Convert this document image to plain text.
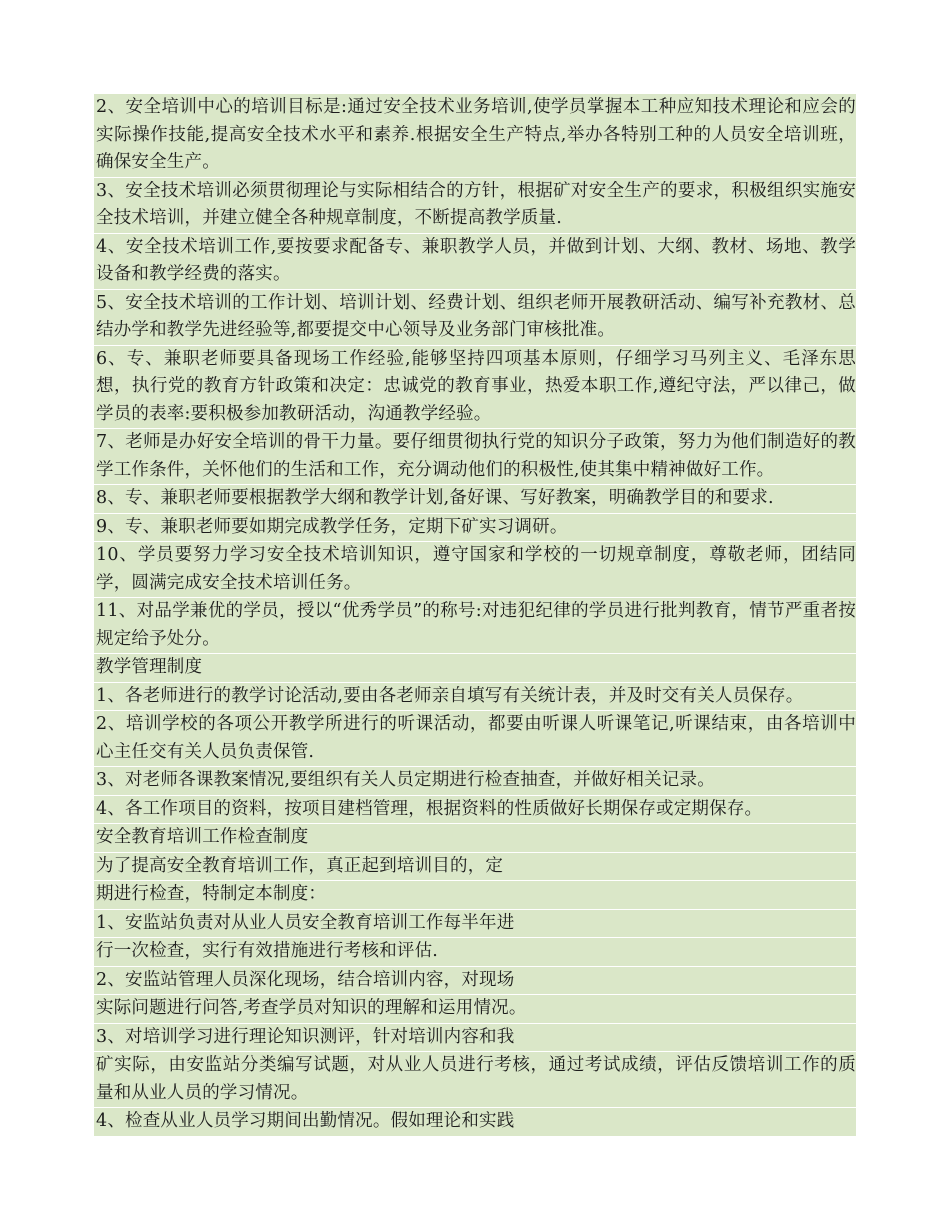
2、安全培训中心的培训目标是:通过安全技术业务培训,使学员掌握本工种应知技术理论和应会的实际操作技能,提高安全技术水平和素养.根据安全生产特点,举办各特别工种的人员安全培训班，确保安全生产。

3、安全技术培训必须贯彻理论与实际相结合的方针，根据矿对安全生产的要求，积极组织实施安全技术培训，并建立健全各种规章制度，不断提高教学质量.

4、安全技术培训工作,要按要求配备专、兼职教学人员，并做到计划、大纲、教材、场地、教学设备和教学经费的落实。

5、安全技术培训的工作计划、培训计划、经费计划、组织老师开展教研活动、编写补充教材、总结办学和教学先进经验等,都要提交中心领导及业务部门审核批准。

6、专、兼职老师要具备现场工作经验,能够坚持四项基本原则，仔细学习马列主义、毛泽东思想，执行党的教育方针政策和决定：忠诚党的教育事业，热爱本职工作,遵纪守法，严以律己，做学员的表率:要积极参加教研活动，沟通教学经验。

7、老师是办好安全培训的骨干力量。要仔细贯彻执行党的知识分子政策，努力为他们制造好的教学工作条件，关怀他们的生活和工作，充分调动他们的积极性,使其集中精神做好工作。

8、专、兼职老师要根据教学大纲和教学计划,备好课、写好教案，明确教学目的和要求.

9、专、兼职老师要如期完成教学任务，定期下矿实习调研。

10、学员要努力学习安全技术培训知识，遵守国家和学校的一切规章制度，尊敬老师，团结同学，圆满完成安全技术培训任务。

11、对品学兼优的学员，授以“优秀学员”的称号:对违犯纪律的学员进行批判教育，情节严重者按规定给予处分。

教学管理制度

1、各老师进行的教学讨论活动,要由各老师亲自填写有关统计表，并及时交有关人员保存。

2、培训学校的各项公开教学所进行的听课活动，都要由听课人听课笔记,听课结束，由各培训中心主任交有关人员负责保管.

3、对老师各课教案情况,要组织有关人员定期进行检查抽查，并做好相关记录。

4、各工作项目的资料，按项目建档管理，根据资料的性质做好长期保存或定期保存。

安全教育培训工作检查制度

为了提高安全教育培训工作，真正起到培训目的，定

期进行检查，特制定本制度：

1、安监站负责对从业人员安全教育培训工作每半年进

行一次检查，实行有效措施进行考核和评估.

2、安监站管理人员深化现场，结合培训内容，对现场

实际问题进行问答,考查学员对知识的理解和运用情况。

3、对培训学习进行理论知识测评，针对培训内容和我

矿实际，由安监站分类编写试题，对从业人员进行考核，通过考试成绩，评估反馈培训工作的质量和从业人员的学习情况。

4、检查从业人员学习期间出勤情况。假如理论和实践
